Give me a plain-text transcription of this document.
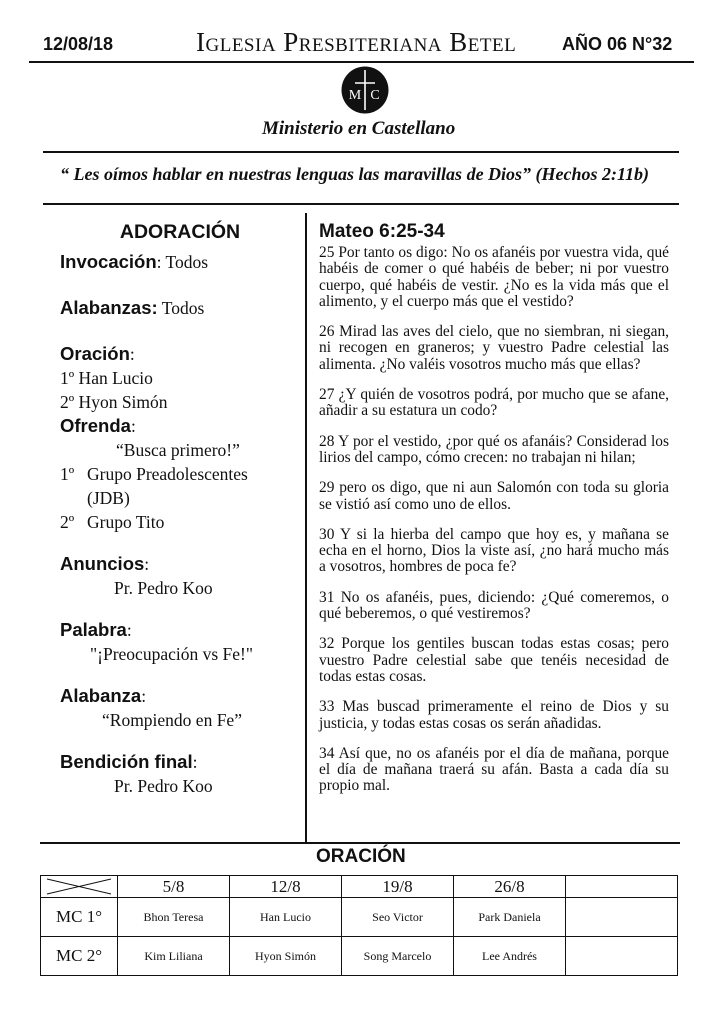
12/08/18	Iglesia Presbiteriana Betel	AÑO 06 N°32
M C
Ministerio en Castellano
“ Les oímos hablar en nuestras lenguas las maravillas de Dios” (Hechos 2:11b)
ADORACIÓN
Invocación: Todos
Alabanzas: Todos
Oración:
1º Han Lucio
2º Hyon Simón
Ofrenda:
“Busca primero!”
1º Grupo Preadolescentes
(JDB)
2º Grupo Tito
Anuncios:
Pr. Pedro Koo
Palabra:
"¡Preocupación vs Fe!"
Alabanza:
“Rompiendo en Fe”
Bendición final:
Pr. Pedro Koo
Mateo 6:25-34

25 Por tanto os digo: No os afanéis por vuestra vida, qué habéis de comer o qué habéis de beber; ni por vuestro cuerpo, qué habéis de vestir. ¿No es la vida más que el alimento, y el cuerpo más que el vestido?

26 Mirad las aves del cielo, que no siembran, ni siegan, ni recogen en graneros; y vuestro Padre celestial las alimenta. ¿No valéis vosotros mucho más que ellas?

27 ¿Y quién de vosotros podrá, por mucho que se afane, añadir a su estatura un codo?

28 Y por el vestido, ¿por qué os afanáis? Considerad los lirios del campo, cómo crecen: no trabajan ni hilan;

29 pero os digo, que ni aun Salomón con toda su gloria se vistió así como uno de ellos.

30 Y si la hierba del campo que hoy es, y mañana se echa en el horno, Dios la viste así, ¿no hará mucho más a vosotros, hombres de poca fe?

31 No os afanéis, pues, diciendo: ¿Qué comeremos, o qué beberemos, o qué vestiremos?

32 Porque los gentiles buscan todas estas cosas; pero vuestro Padre celestial sabe que tenéis necesidad de todas estas cosas.

33 Mas buscad primeramente el reino de Dios y su justicia, y todas estas cosas os serán añadidas.

34 Así que, no os afanéis por el día de mañana, porque el día de mañana traerá su afán. Basta a cada día su propio mal.

ORACIÓN
	5/8	12/8	19/8	26/8	
MC 1°	Bhon Teresa	Han Lucio	Seo Victor	Park Daniela	
MC 2°	Kim Liliana	Hyon Simón	Song Marcelo	Lee Andrés	
